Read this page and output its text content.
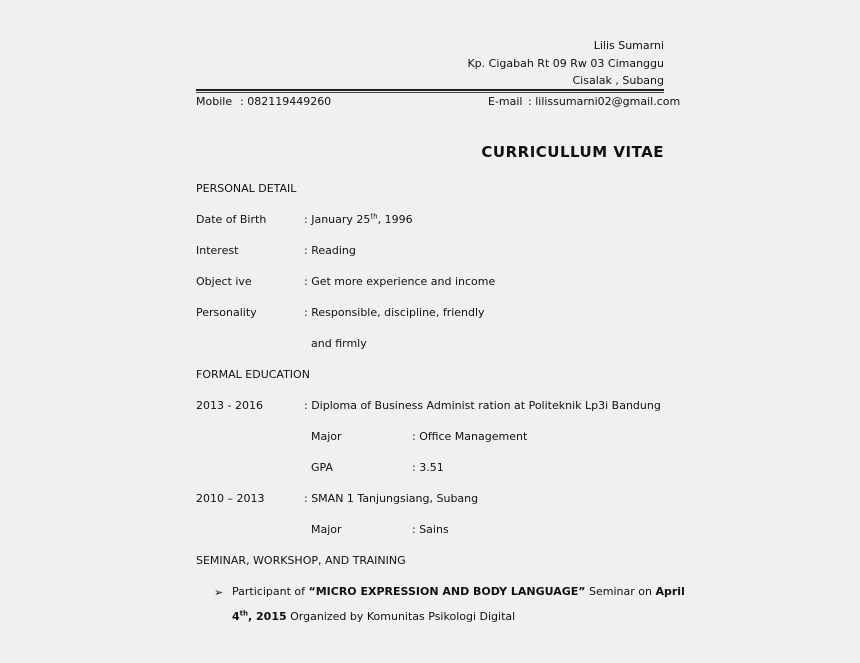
Lilis Sumarni
Kp. Cigabah Rt 09 Rw 03 Cimanggu
Cisalak , Subang
Mobile : 082119449260	E-mail : lilissumarni02@gmail.com
CURRICULLUM VITAE
PERSONAL DETAIL
Date of Birth	: January 25th, 1996
Interest	: Reading
Object ive	: Get more experience and income
Personality	: Responsible, discipline, friendly
and firmly
FORMAL EDUCATION
2013 - 2016	: Diploma of Business Administ ration at Politeknik Lp3i Bandung
Major	: Office Management
GPA	: 3.51
2010 – 2013	: SMAN 1 Tanjungsiang, Subang
Major	: Sains
SEMINAR, WORKSHOP, AND TRAINING
➢ Participant of “MICRO EXPRESSION AND BODY LANGUAGE” Seminar on April
4th, 2015 Organized by Komunitas Psikologi Digital
